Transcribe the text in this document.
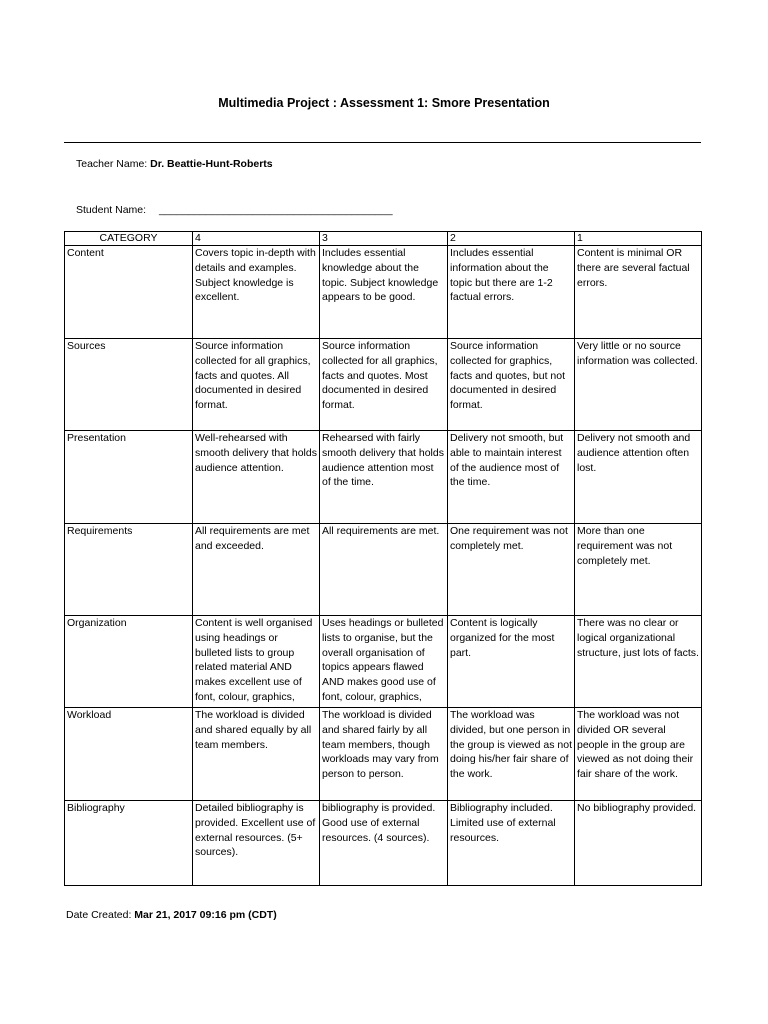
Multimedia Project : Assessment 1: Smore Presentation
Teacher Name: Dr. Beattie-Hunt-Roberts
Student Name: ________________________________________
CATEGORY	4	3	2	1
Content	Covers topic in-depth with details and examples. Subject knowledge is excellent.	Includes essential knowledge about the topic. Subject knowledge appears to be good.	Includes essential information about the topic but there are 1-2 factual errors.	Content is minimal OR there are several factual errors.
Sources	Source information collected for all graphics, facts and quotes. All documented in desired format.	Source information collected for all graphics, facts and quotes. Most documented in desired format.	Source information collected for graphics, facts and quotes, but not documented in desired format.	Very little or no source information was collected.
Presentation	Well-rehearsed with smooth delivery that holds audience attention.	Rehearsed with fairly smooth delivery that holds audience attention most of the time.	Delivery not smooth, but able to maintain interest of the audience most of the time.	Delivery not smooth and audience attention often lost.
Requirements	All requirements are met and exceeded.	All requirements are met.	One requirement was not completely met.	More than one requirement was not completely met.

Organization	Content is well organised using headings or bulleted lists to group related material AND makes excellent use of font, colour, graphics,	Uses headings or bulleted lists to organise, but the overall organisation of topics appears flawed AND makes good use of font, colour, graphics,	Content is logically organized for the most part.	There was no clear or logical organizational structure, just lots of facts.

Workload	The workload is divided and shared equally by all team members.	The workload is divided and shared fairly by all team members, though workloads may vary from person to person.	The workload was divided, but one person in the group is viewed as not doing his/her fair share of the work.	The workload was not divided OR several people in the group are viewed as not doing their fair share of the work.
Bibliography	Detailed bibliography is provided. Excellent use of external resources. (5+ sources).	bibliography is provided. Good use of external resources. (4 sources).	Bibliography included. Limited use of external resources.	No bibliography provided.
Date Created: Mar 21, 2017 09:16 pm (CDT)
